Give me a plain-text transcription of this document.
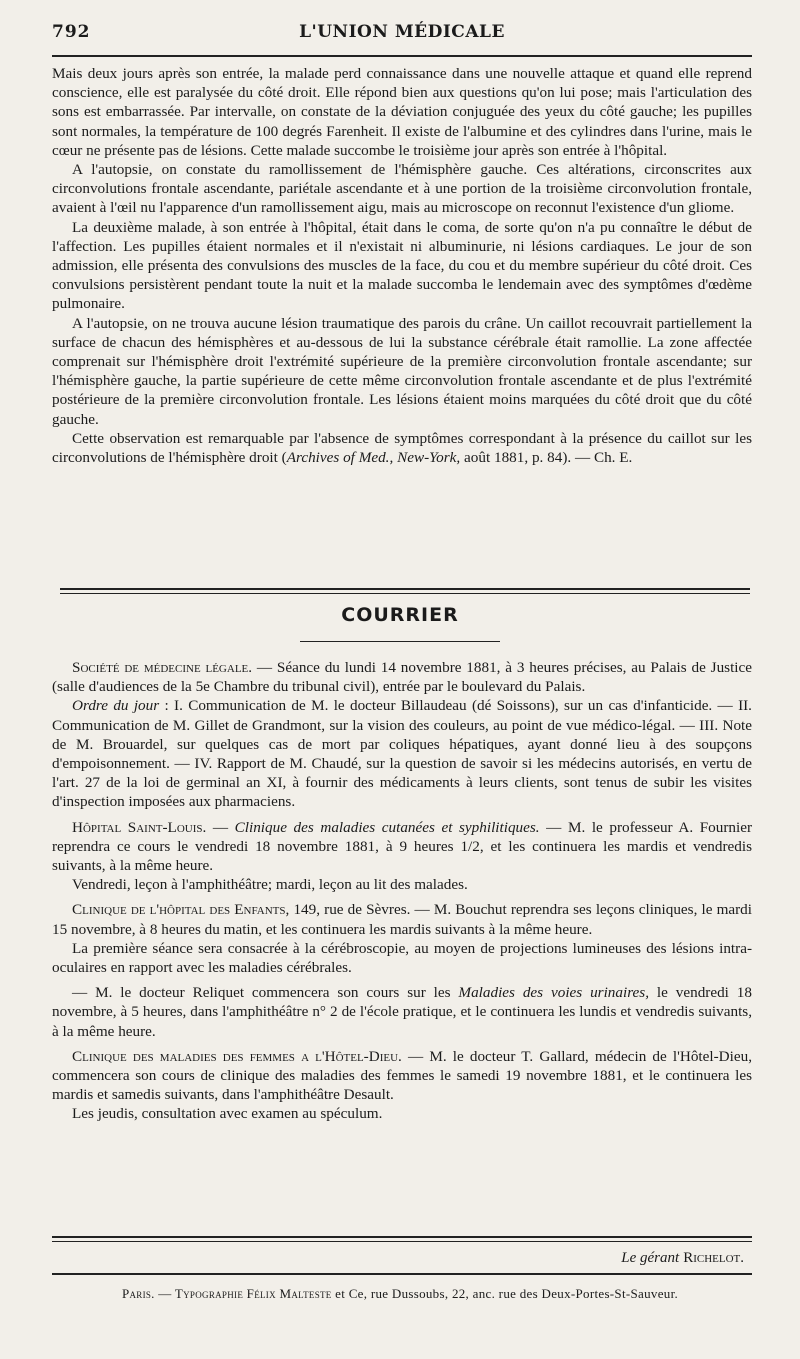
792	L'UNION MÉDICALE

Mais deux jours après son entrée, la malade perd connaissance dans une nouvelle attaque et quand elle reprend conscience, elle est paralysée du côté droit. Elle répond bien aux questions qu'on lui pose; mais l'articulation des sons est embarrassée. Par intervalle, on constate de la déviation conjuguée des yeux du côté gauche; les pupilles sont normales, la température de 100 degrés Farenheit. Il existe de l'albumine et des cylindres dans l'urine, mais le cœur ne présente pas de lésions. Cette malade succombe le troisième jour après son entrée à l'hôpital.

A l'autopsie, on constate du ramollissement de l'hémisphère gauche. Ces altérations, circonscrites aux circonvolutions frontale ascendante, pariétale ascendante et à une portion de la troisième circonvolution frontale, avaient à l'œil nu l'apparence d'un ramollissement aigu, mais au microscope on reconnut l'existence d'un gliome.

La deuxième malade, à son entrée à l'hôpital, était dans le coma, de sorte qu'on n'a pu connaître le début de l'affection. Les pupilles étaient normales et il n'existait ni albuminurie, ni lésions cardiaques. Le jour de son admission, elle présenta des convulsions des muscles de la face, du cou et du membre supérieur du côté droit. Ces convulsions persistèrent pendant toute la nuit et la malade succomba le lendemain avec des symptômes d'œdème pulmonaire.

A l'autopsie, on ne trouva aucune lésion traumatique des parois du crâne. Un caillot recouvrait partiellement la surface de chacun des hémisphères et au-dessous de lui la substance cérébrale était ramollie. La zone affectée comprenait sur l'hémisphère droit l'extrémité supérieure de la première circonvolution frontale ascendante; sur l'hémisphère gauche, la partie supérieure de cette même circonvolution frontale ascendante et de plus l'extrémité postérieure de la première circonvolution frontale. Les lésions étaient moins marquées du côté droit que du côté gauche.

Cette observation est remarquable par l'absence de symptômes correspondant à la présence du caillot sur les circonvolutions de l'hémisphère droit (Archives of Med., New-York, août 1881, p. 84). — Ch. E.

COURRIER

Société de médecine légale. — Séance du lundi 14 novembre 1881, à 3 heures précises, au Palais de Justice (salle d'audiences de la 5e Chambre du tribunal civil), entrée par le boulevard du Palais.

Ordre du jour : I. Communication de M. le docteur Billaudeau (dé Soissons), sur un cas d'infanticide. — II. Communication de M. Gillet de Grandmont, sur la vision des couleurs, au point de vue médico-légal. — III. Note de M. Brouardel, sur quelques cas de mort par coliques hépatiques, ayant donné lieu à des soupçons d'empoisonnement. — IV. Rapport de M. Chaudé, sur la question de savoir si les médecins autorisés, en vertu de l'art. 27 de la loi de germinal an XI, à fournir des médicaments à leurs clients, sont tenus de subir les visites d'inspection imposées aux pharmaciens.

Hôpital Saint-Louis. — Clinique des maladies cutanées et syphilitiques. — M. le professeur A. Fournier reprendra ce cours le vendredi 18 novembre 1881, à 9 heures 1/2, et les continuera les mardis et vendredis suivants, à la même heure.

Vendredi, leçon à l'amphithéâtre; mardi, leçon au lit des malades.

Clinique de l'hôpital des Enfants, 149, rue de Sèvres. — M. Bouchut reprendra ses leçons cliniques, le mardi 15 novembre, à 8 heures du matin, et les continuera les mardis suivants à la même heure.

La première séance sera consacrée à la cérébroscopie, au moyen de projections lumineuses des lésions intra-oculaires en rapport avec les maladies cérébrales.

— M. le docteur Reliquet commencera son cours sur les Maladies des voies urinaires, le vendredi 18 novembre, à 5 heures, dans l'amphithéâtre n° 2 de l'école pratique, et le continuera les lundis et vendredis suivants, à la même heure.

Clinique des maladies des femmes a l'Hôtel-Dieu. — M. le docteur T. Gallard, médecin de l'Hôtel-Dieu, commencera son cours de clinique des maladies des femmes le samedi 19 novembre 1881, et le continuera les mardis et samedis suivants, dans l'amphithéâtre Desault.

Les jeudis, consultation avec examen au spéculum.

Le gérant Richelot.
Paris. — Typographie Félix Malteste et Ce, rue Dussoubs, 22, anc. rue des Deux-Portes-St-Sauveur.
